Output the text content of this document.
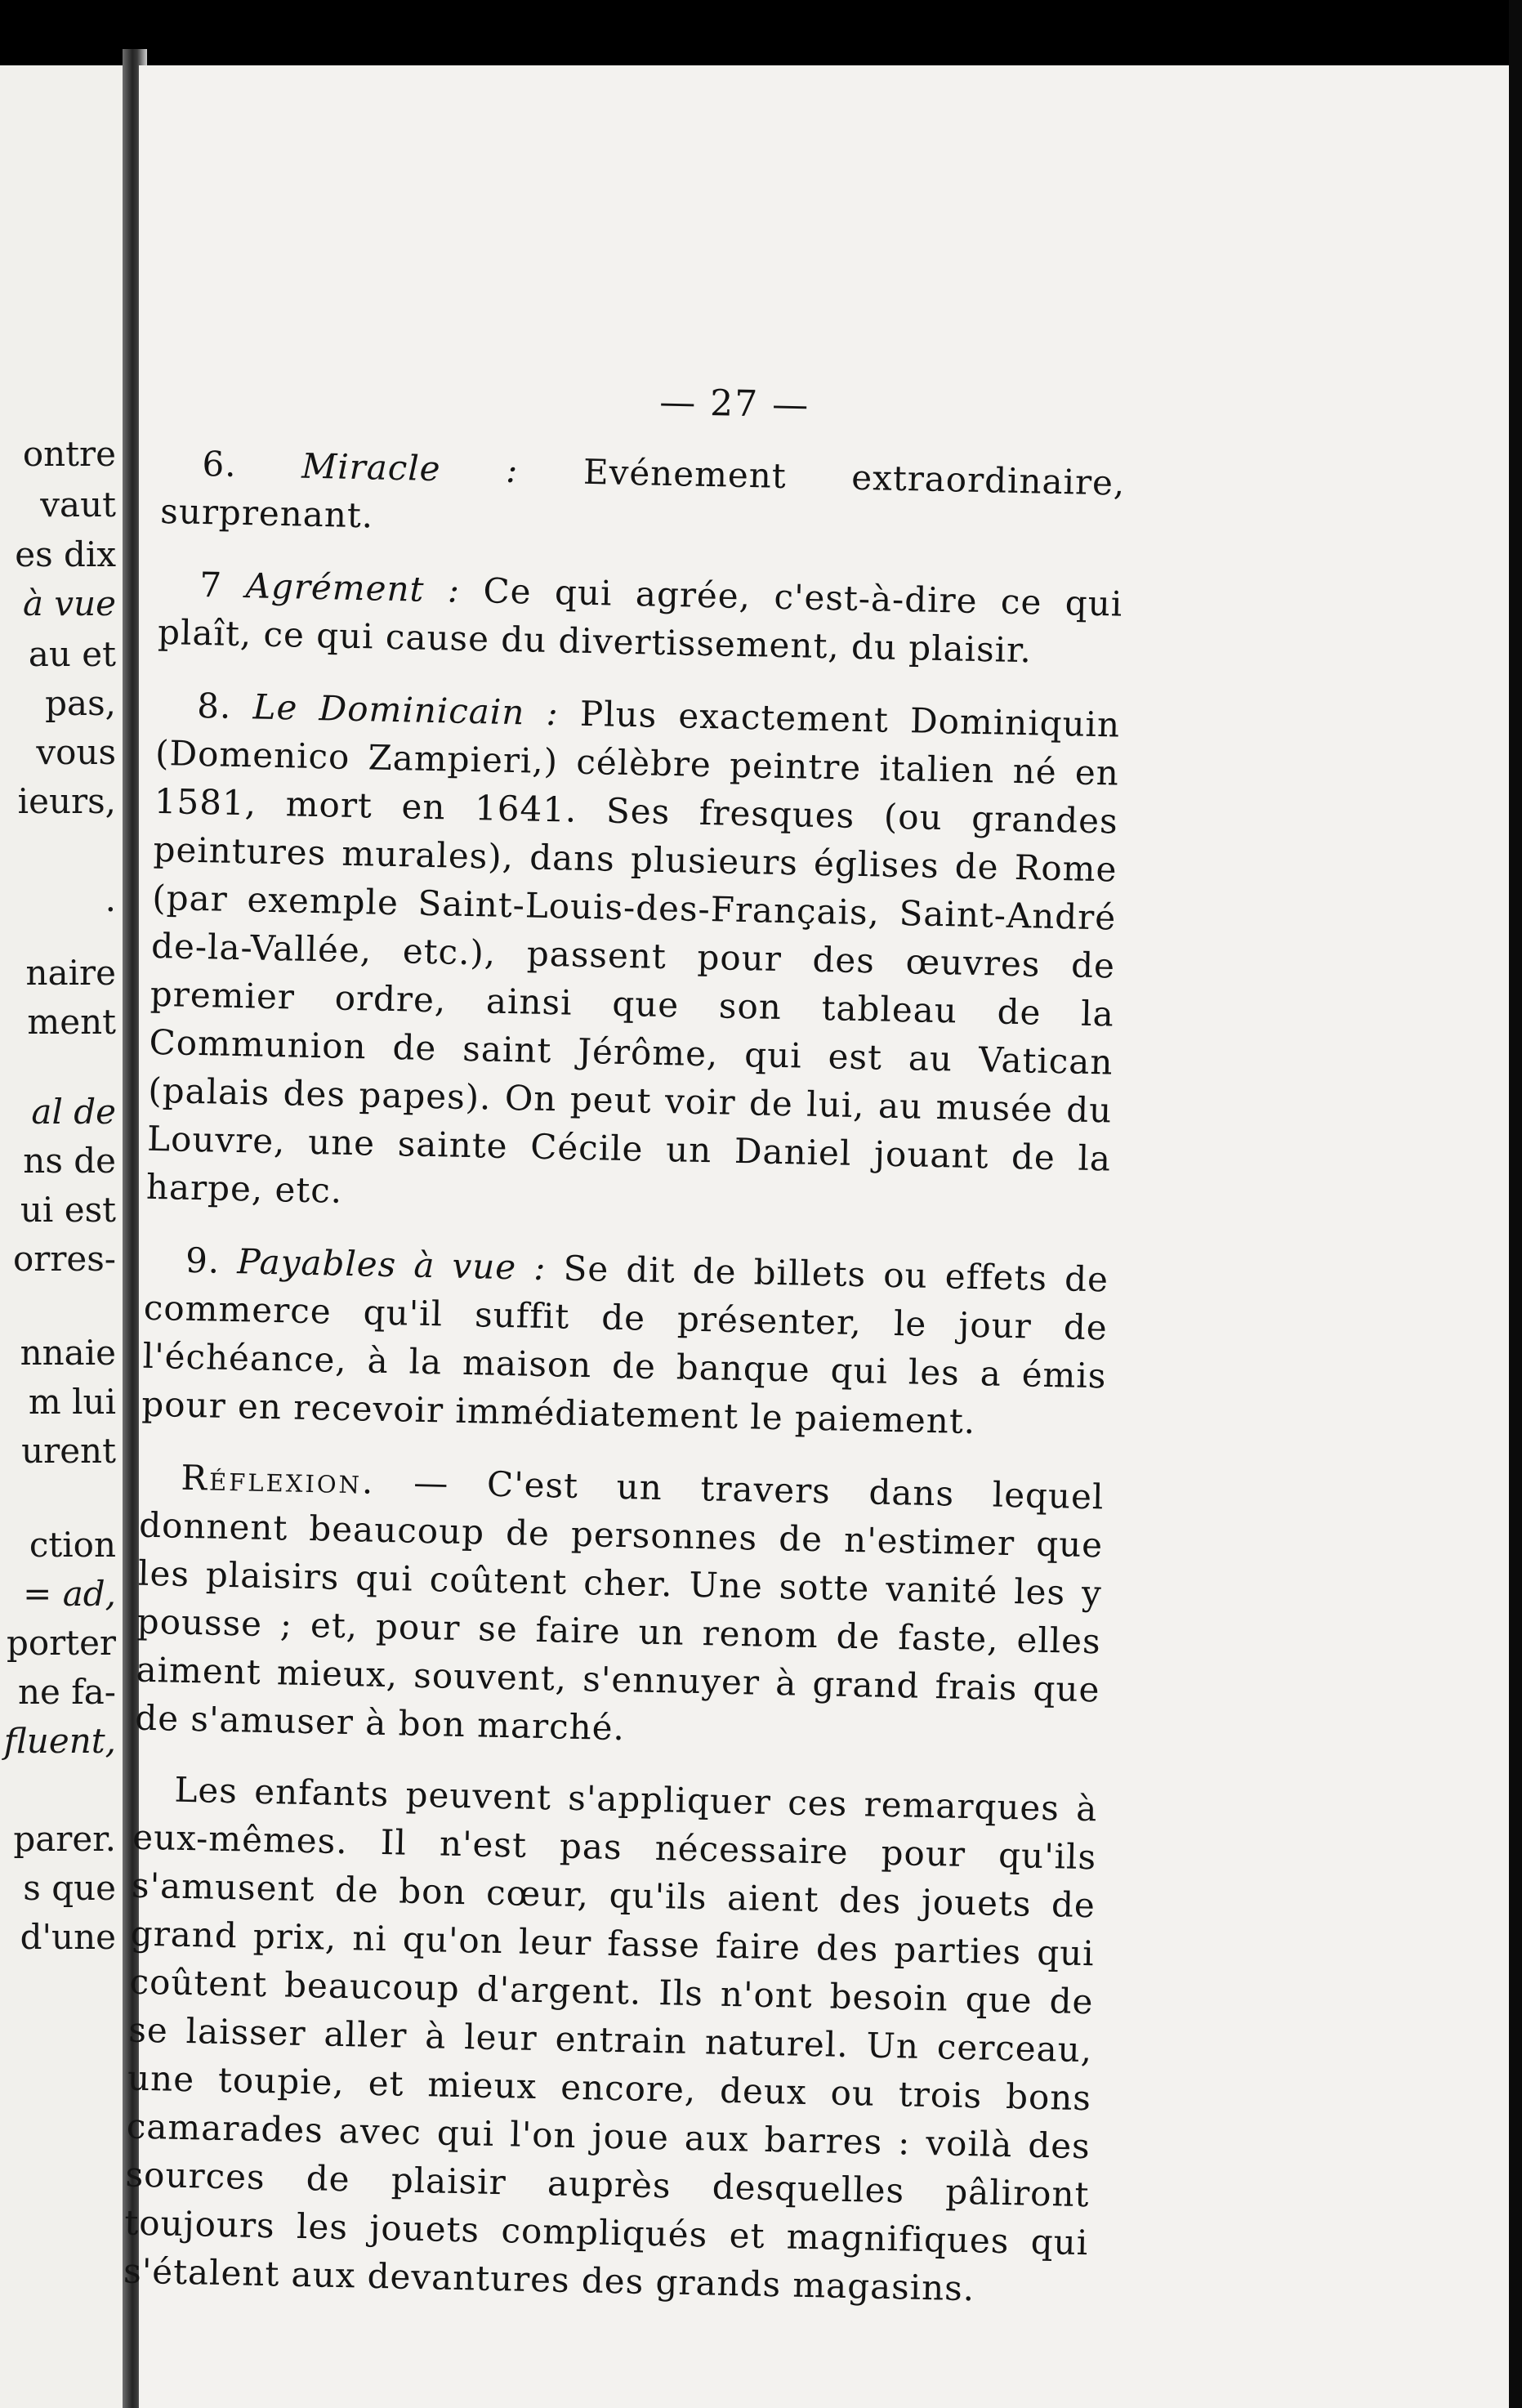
ontre
vaut
es dix
à vue
au et
pas,
vous
ieurs,
.
naire
ment
al de
ns de
ui est
orres-
nnaie
m lui
urent
ction
= ad,
porter
ne fa-
fluent,
parer.
s que
d'une
— 27 —

6. Miracle : Evénement extraordinaire, surprenant.

7 Agrément : Ce qui agrée, c'est-à-dire ce qui plaît, ce qui cause du divertissement, du plaisir.

8. Le Dominicain : Plus exactement Dominiquin (Domenico Zampieri,) célèbre peintre italien né en 1581, mort en 1641. Ses fresques (ou grandes peintures murales), dans plusieurs églises de Rome (par exemple Saint-Louis-des-Français, Saint-André de-la-Vallée, etc.), passent pour des œuvres de premier ordre, ainsi que son tableau de la Communion de saint Jérôme, qui est au Vatican (palais des papes). On peut voir de lui, au musée du Louvre, une sainte Cécile un Daniel jouant de la harpe, etc.

9. Payables à vue : Se dit de billets ou effets de commerce qu'il suffit de présenter, le jour de l'échéance, à la maison de banque qui les a émis pour en recevoir immédiatement le paiement.

Réflexion. — C'est un travers dans lequel donnent beaucoup de personnes de n'estimer que les plaisirs qui coûtent cher. Une sotte vanité les y pousse ; et, pour se faire un renom de faste, elles aiment mieux, souvent, s'ennuyer à grand frais que de s'amuser à bon marché.

Les enfants peuvent s'appliquer ces remarques à eux-mêmes. Il n'est pas nécessaire pour qu'ils s'amusent de bon cœur, qu'ils aient des jouets de grand prix, ni qu'on leur fasse faire des parties qui coûtent beaucoup d'argent. Ils n'ont besoin que de se laisser aller à leur entrain naturel. Un cerceau, une toupie, et mieux encore, deux ou trois bons camarades avec qui l'on joue aux barres : voilà des sources de plaisir auprès desquelles pâliront toujours les jouets compliqués et magnifiques qui s'étalent aux devantures des grands magasins.
